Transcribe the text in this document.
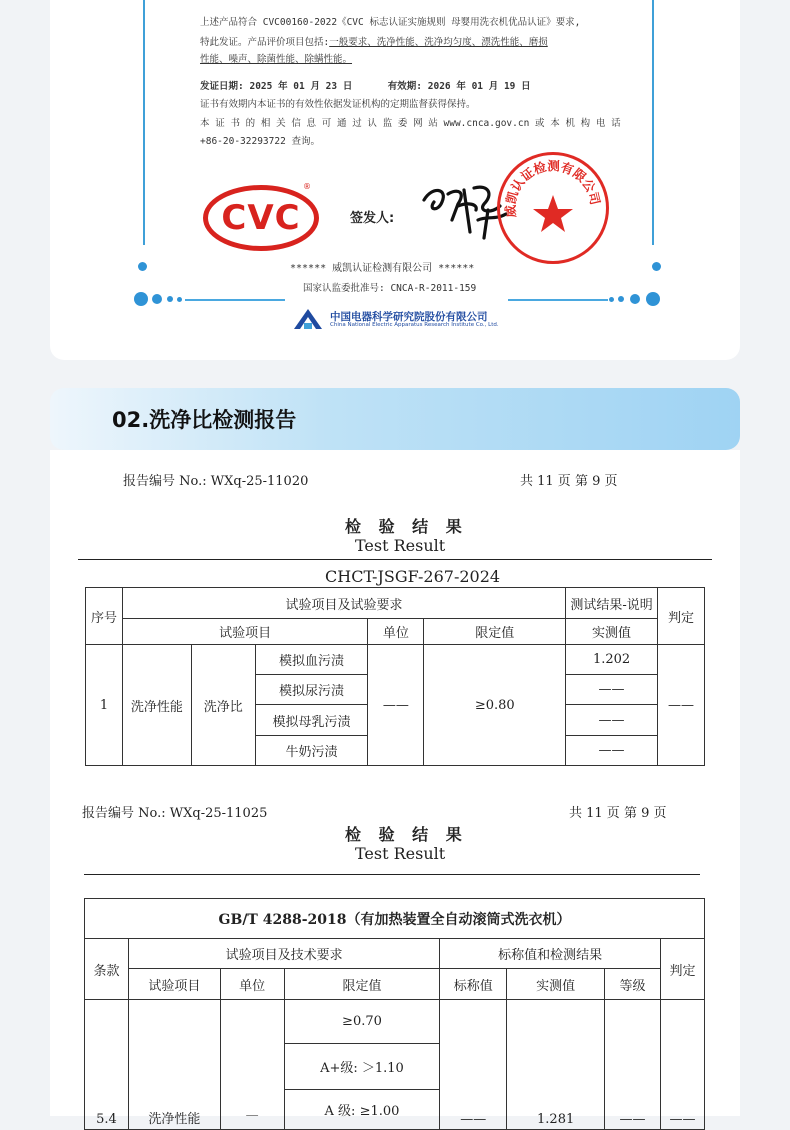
上述产品符合 CVC00160-2022《CVC 标志认证实施规则 母婴用洗衣机优品认证》要求,
特此发证。产品评价项目包括:一般要求、洗净性能、洗净均匀度、漂洗性能、磨损
性能、噪声、除菌性能、除螨性能。
发证日期: 2025 年 01 月 23 日	有效期: 2026 年 01 月 19 日
证书有效期内本证书的有效性依据发证机构的定期监督获得保持。
本 证 书 的 相 关 信 息 可 通 过 认 监 委 网 站 www.cnca.gov.cn 或 本 机 构 电 话
+86-20-32293722 查询。
CVC
®
签发人:	威凯认证检测有限公司
****** 威凯认证检测有限公司 ******
国家认监委批准号: CNCA-R-2011-159
中国电器科学研究院股份有限公司
China National Electric Apparatus Research Institute Co., Ltd.
02.洗净比检测报告
报告编号 No.: WXq-25-11020	共 11 页 第 9 页
检 验 结 果
Test Result
CHCT-JSGF-267-2024
序号	试验项目及试验要求					测试结果-说明	判定
	试验项目			单位	限定值	实测值	
1	洗净性能	洗净比	模拟血污渍	——	≥0.80	1.202	——
			模拟尿污渍			——	
			模拟母乳污渍			——	
			牛奶污渍			——	
报告编号 No.: WXq-25-11025	共 11 页 第 9 页
检 验 结 果
Test Result
GB/T 4288-2018（有加热装置全自动滚筒式洗衣机）							
条款	试验项目及技术要求			标称值和检测结果			判定
	试验项目	单位	限定值	标称值	实测值	等级	
5.4	洗净性能	—	≥0.70	——	1.281	——	——
			A+级: ＞1.10				
			A 级: ≥1.00				
